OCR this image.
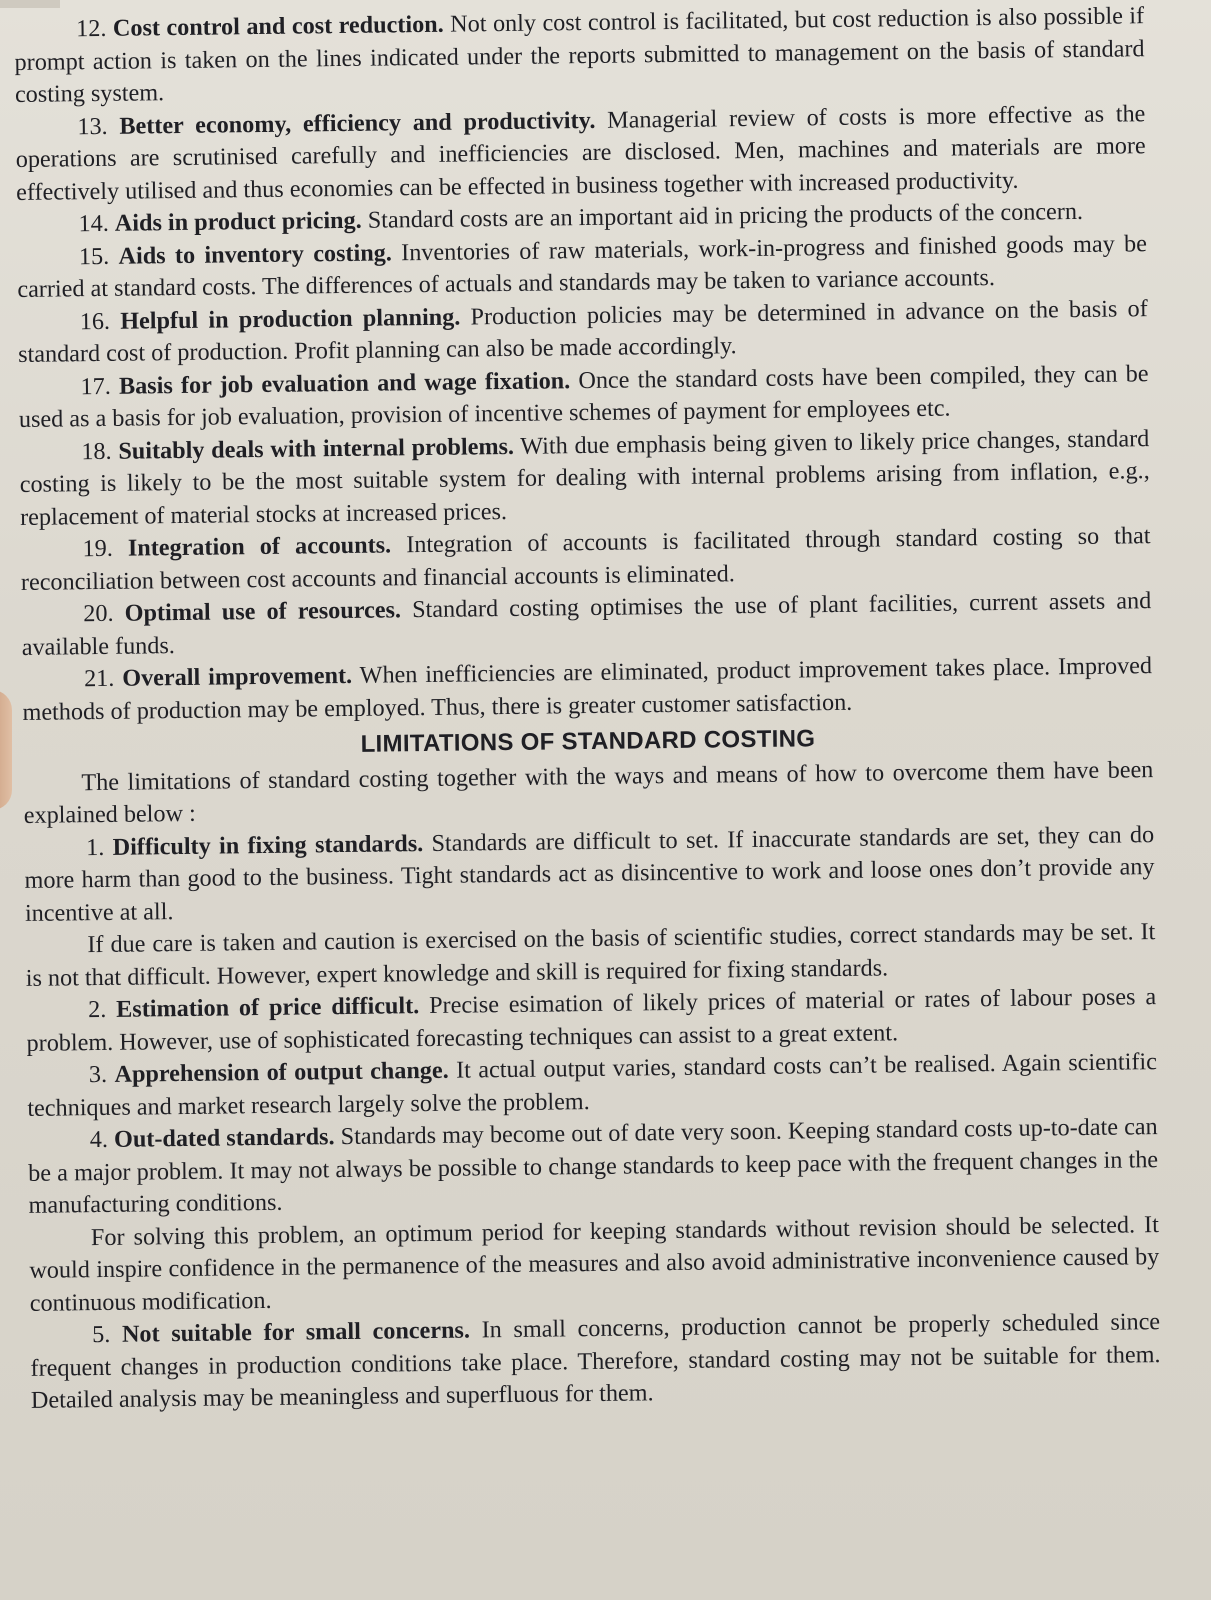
12. Cost control and cost reduction. Not only cost control is facilitated, but cost reduction is also possible if prompt action is taken on the lines indicated under the reports submitted to management on the basis of standard costing system.

13. Better economy, efficiency and productivity. Managerial review of costs is more effective as the operations are scrutinised carefully and inefficiencies are disclosed. Men, machines and materials are more effectively utilised and thus economies can be effected in business together with increased productivity.

14. Aids in product pricing. Standard costs are an important aid in pricing the products of the concern.

15. Aids to inventory costing. Inventories of raw materials, work-in-progress and finished goods may be carried at standard costs. The differences of actuals and standards may be taken to variance accounts.

16. Helpful in production planning. Production policies may be determined in advance on the basis of standard cost of production. Profit planning can also be made accordingly.

17. Basis for job evaluation and wage fixation. Once the standard costs have been compiled, they can be used as a basis for job evaluation, provision of incentive schemes of payment for employees etc.

18. Suitably deals with internal problems. With due emphasis being given to likely price changes, standard costing is likely to be the most suitable system for dealing with internal problems arising from inflation, e.g., replacement of material stocks at increased prices.

19. Integration of accounts. Integration of accounts is facilitated through standard costing so that reconciliation between cost accounts and financial accounts is eliminated.

20. Optimal use of resources. Standard costing optimises the use of plant facilities, current assets and available funds.

21. Overall improvement. When inefficiencies are eliminated, product improvement takes place. Improved methods of production may be employed. Thus, there is greater customer satisfaction.

LIMITATIONS OF STANDARD COSTING

The limitations of standard costing together with the ways and means of how to overcome them have been explained below :

1. Difficulty in fixing standards. Standards are difficult to set. If inaccurate standards are set, they can do more harm than good to the business. Tight standards act as disincentive to work and loose ones don’t provide any incentive at all.

If due care is taken and caution is exercised on the basis of scientific studies, correct standards may be set. It is not that difficult. However, expert knowledge and skill is required for fixing standards.

2. Estimation of price difficult. Precise esimation of likely prices of material or rates of labour poses a problem. However, use of sophisticated forecasting techniques can assist to a great extent.

3. Apprehension of output change. It actual output varies, standard costs can’t be realised. Again scientific techniques and market research largely solve the problem.

4. Out-dated standards. Standards may become out of date very soon. Keeping standard costs up-to-date can be a major problem. It may not always be possible to change standards to keep pace with the frequent changes in the manufacturing conditions.

For solving this problem, an optimum period for keeping standards without revision should be selected. It would inspire confidence in the permanence of the measures and also avoid administrative inconvenience caused by continuous modification.

5. Not suitable for small concerns. In small concerns, production cannot be properly scheduled since frequent changes in production conditions take place. Therefore, standard costing may not be suitable for them. Detailed analysis may be meaningless and superfluous for them.
